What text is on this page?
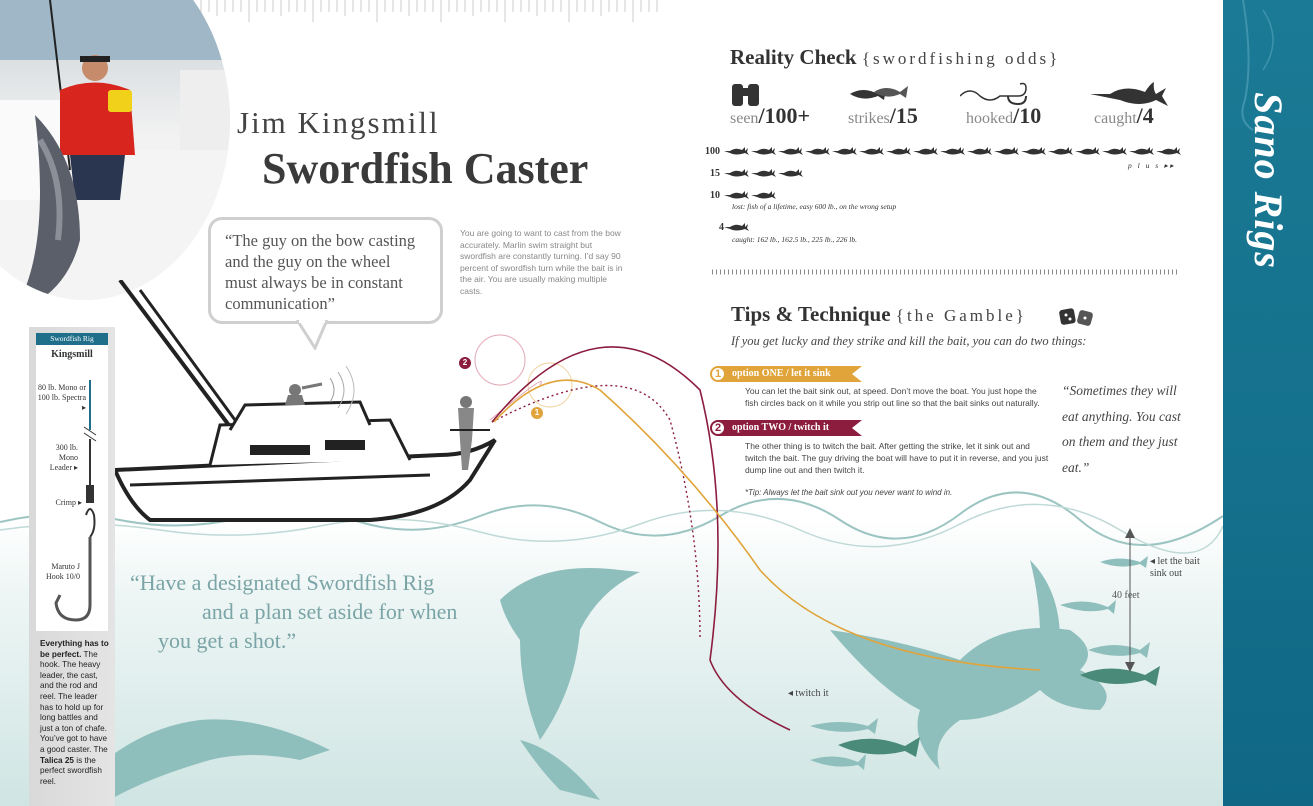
Jim Kingsmill
Swordfish Caster
“The guy on the bow casting and the guy on the wheel must always be in constant communication”
You are going to want to cast from the bow accurately. Marlin swim straight but swordfish are constantly turning. I’d say 90 percent of swordfish turn while the bait is in the air. You are usually making multiple casts.
2
1
40 feet
◂ let the bait sink out
◂ twitch it
Swordfish Rig
Kingsmill
80 lb. Mono or 100 lb. Spectra ▸
300 lb. Mono Leader ▸
Crimp ▸
Maruto J Hook 10/0
Everything has to be perfect. The hook. The heavy leader, the cast, and the rod and reel. The leader has to hold up for long battles and just a ton of chafe. You’ve got to have a good caster. The Talica 25 is the perfect swordfish reel.
“Have a designated Swordfish Rig
and a plan set aside for when
you get a shot.”
Reality Check {swordfishing odds}
seen/100+ strikes/15	hooked/10	caught/4
100
15
10
4
p l u s ▸▸
lost: fish of a lifetime, easy 600 lb., on the wrong setup
caught: 162 lb., 162.5 lb., 225 lb., 226 lb.
Tips & Technique {the Gamble}
If you get lucky and they strike and kill the bait, you can do two things:
1	option ONE / let it sink
You can let the bait sink out, at speed. Don’t move the boat. You just hope the fish circles back on it while you strip out line so that the bait sinks out naturally.
2	option TWO / twitch it
The other thing is to twitch the bait. After getting the strike, let it sink out and twitch the bait. The guy driving the boat will have to put it in reverse, and you just dump line out and then twitch it.
*Tip: Always let the bait sink out you never want to wind in.
“Sometimes they will eat anything. You cast on them and they just eat.”
Sano Rigs
